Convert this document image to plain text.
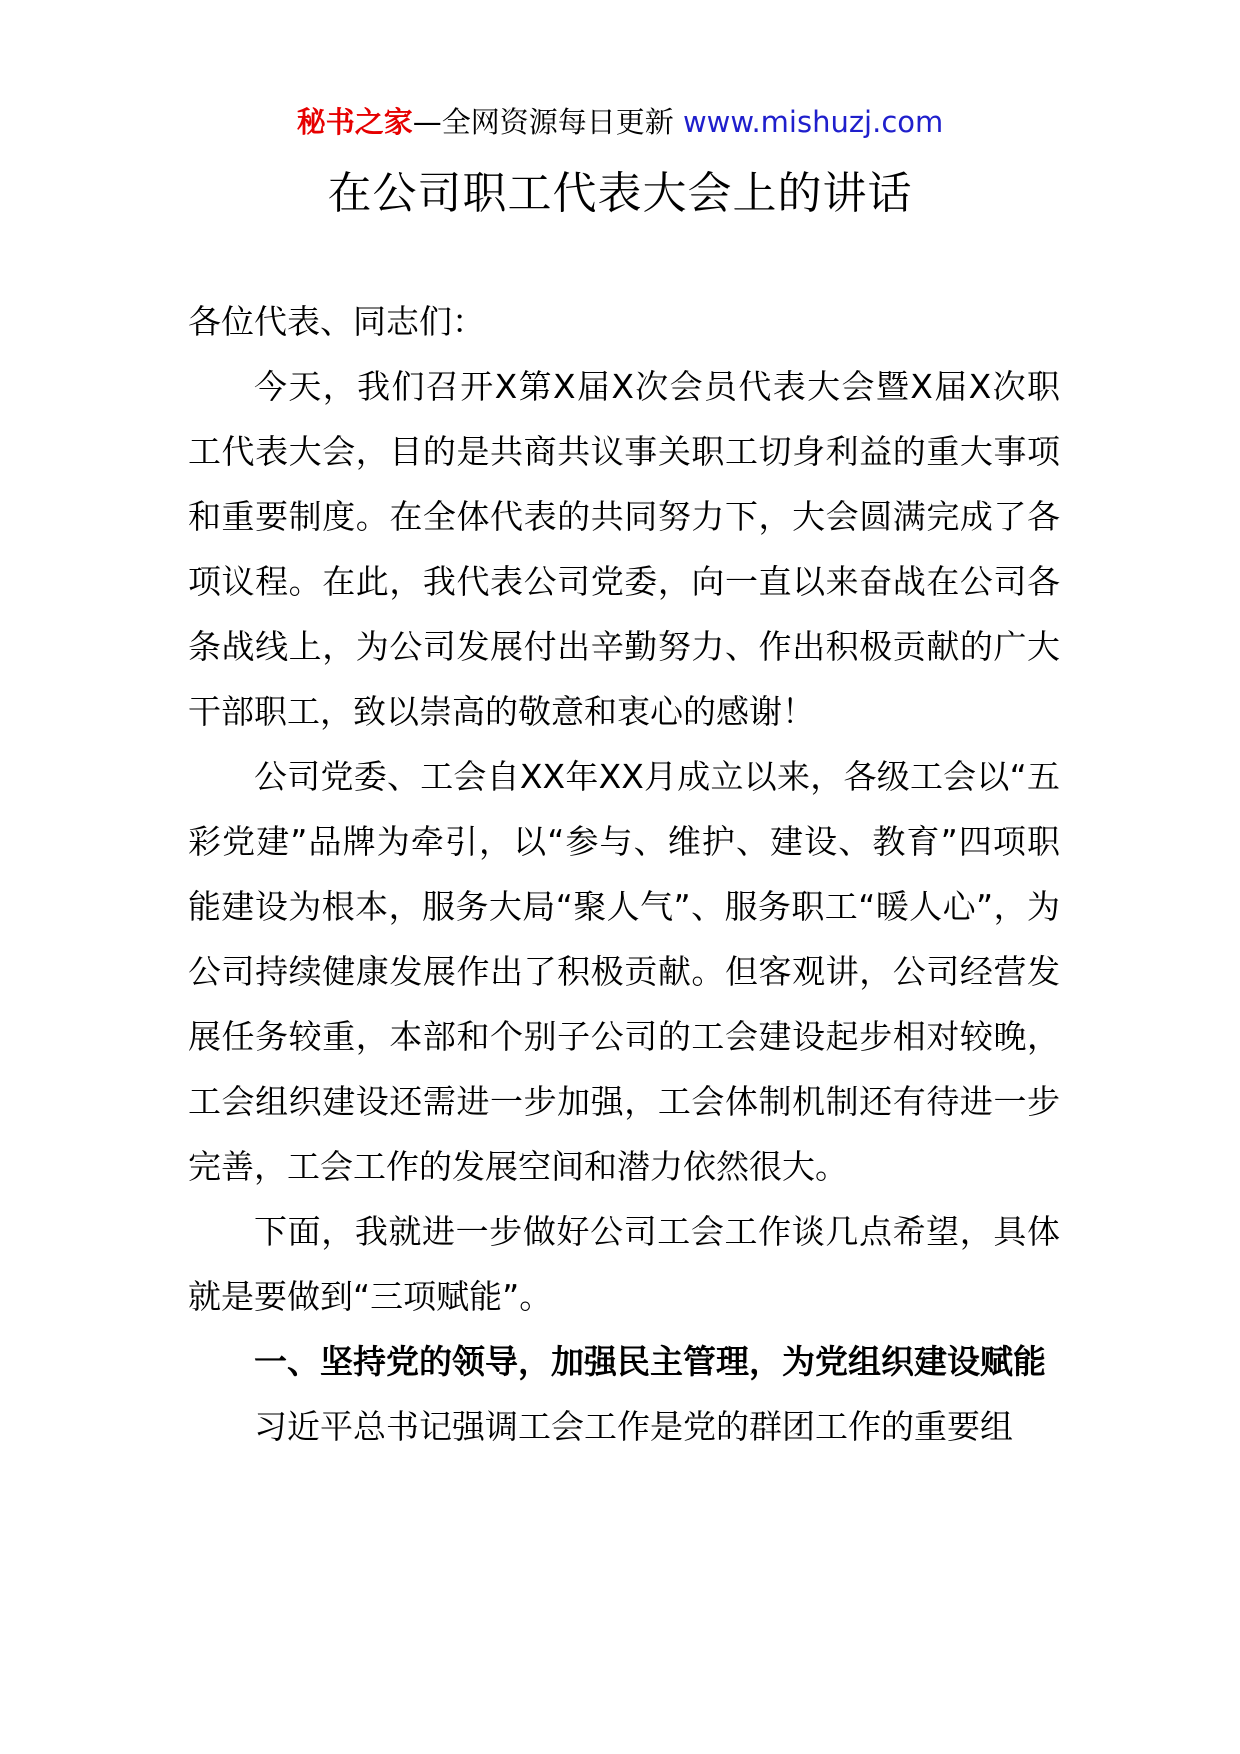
秘书之家—全网资源每日更新 www.mishuzj.com
在公司职工代表大会上的讲话

各位代表、同志们：

今天，我们召开X第X届X次会员代表大会暨X届X次职工代表大会，目的是共商共议事关职工切身利益的重大事项和重要制度。在全体代表的共同努力下，大会圆满完成了各项议程。在此，我代表公司党委，向一直以来奋战在公司各条战线上，为公司发展付出辛勤努力、作出积极贡献的广大干部职工，致以崇高的敬意和衷心的感谢！

公司党委、工会自XX年XX月成立以来，各级工会以“五彩党建”品牌为牵引，以“参与、维护、建设、教育”四项职能建设为根本，服务大局“聚人气”、服务职工“暖人心”，为公司持续健康发展作出了积极贡献。但客观讲，公司经营发展任务较重，本部和个别子公司的工会建设起步相对较晚，工会组织建设还需进一步加强，工会体制机制还有待进一步完善，工会工作的发展空间和潜力依然很大。

下面，我就进一步做好公司工会工作谈几点希望，具体就是要做到“三项赋能”。

一、坚持党的领导，加强民主管理，为党组织建设赋能

习近平总书记强调工会工作是党的群团工作的重要组
